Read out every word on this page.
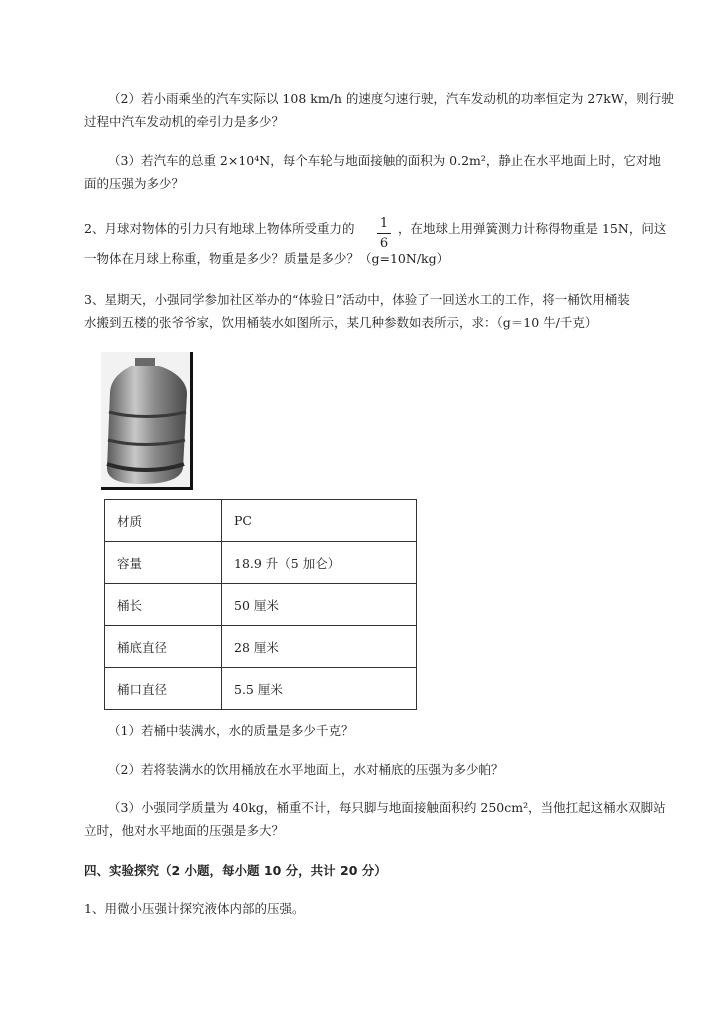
（2）若小雨乘坐的汽车实际以 108 km/h 的速度匀速行驶，汽车发动机的功率恒定为 27kW，则行驶
过程中汽车发动机的牵引力是多少？
（3）若汽车的总重 2×10⁴N，每个车轮与地面接触的面积为 0.2m²，静止在水平地面上时，它对地
面的压强为多少？
2、月球对物体的引力只有地球上物体所受重力的 1
6
，在地球上用弹簧测力计称得物重是 15N，问这
一物体在月球上称重，物重是多少？质量是多少？（g=10N/kg）
3、星期天，小强同学参加社区举办的“体验日”活动中，体验了一回送水工的工作，将一桶饮用桶装
水搬到五楼的张爷爷家，饮用桶装水如图所示，某几种参数如表所示，求：（g＝10 牛/千克）
材质	PC
容量	18.9 升（5 加仑）
桶长	50 厘米
桶底直径	28 厘米
桶口直径	5.5 厘米
（1）若桶中装满水，水的质量是多少千克？
（2）若将装满水的饮用桶放在水平地面上，水对桶底的压强为多少帕？
（3）小强同学质量为 40kg，桶重不计，每只脚与地面接触面积约 250cm²，当他扛起这桶水双脚站
立时，他对水平地面的压强是多大？
四、实验探究（2 小题，每小题 10 分，共计 20 分）
1、用微小压强计探究液体内部的压强。
